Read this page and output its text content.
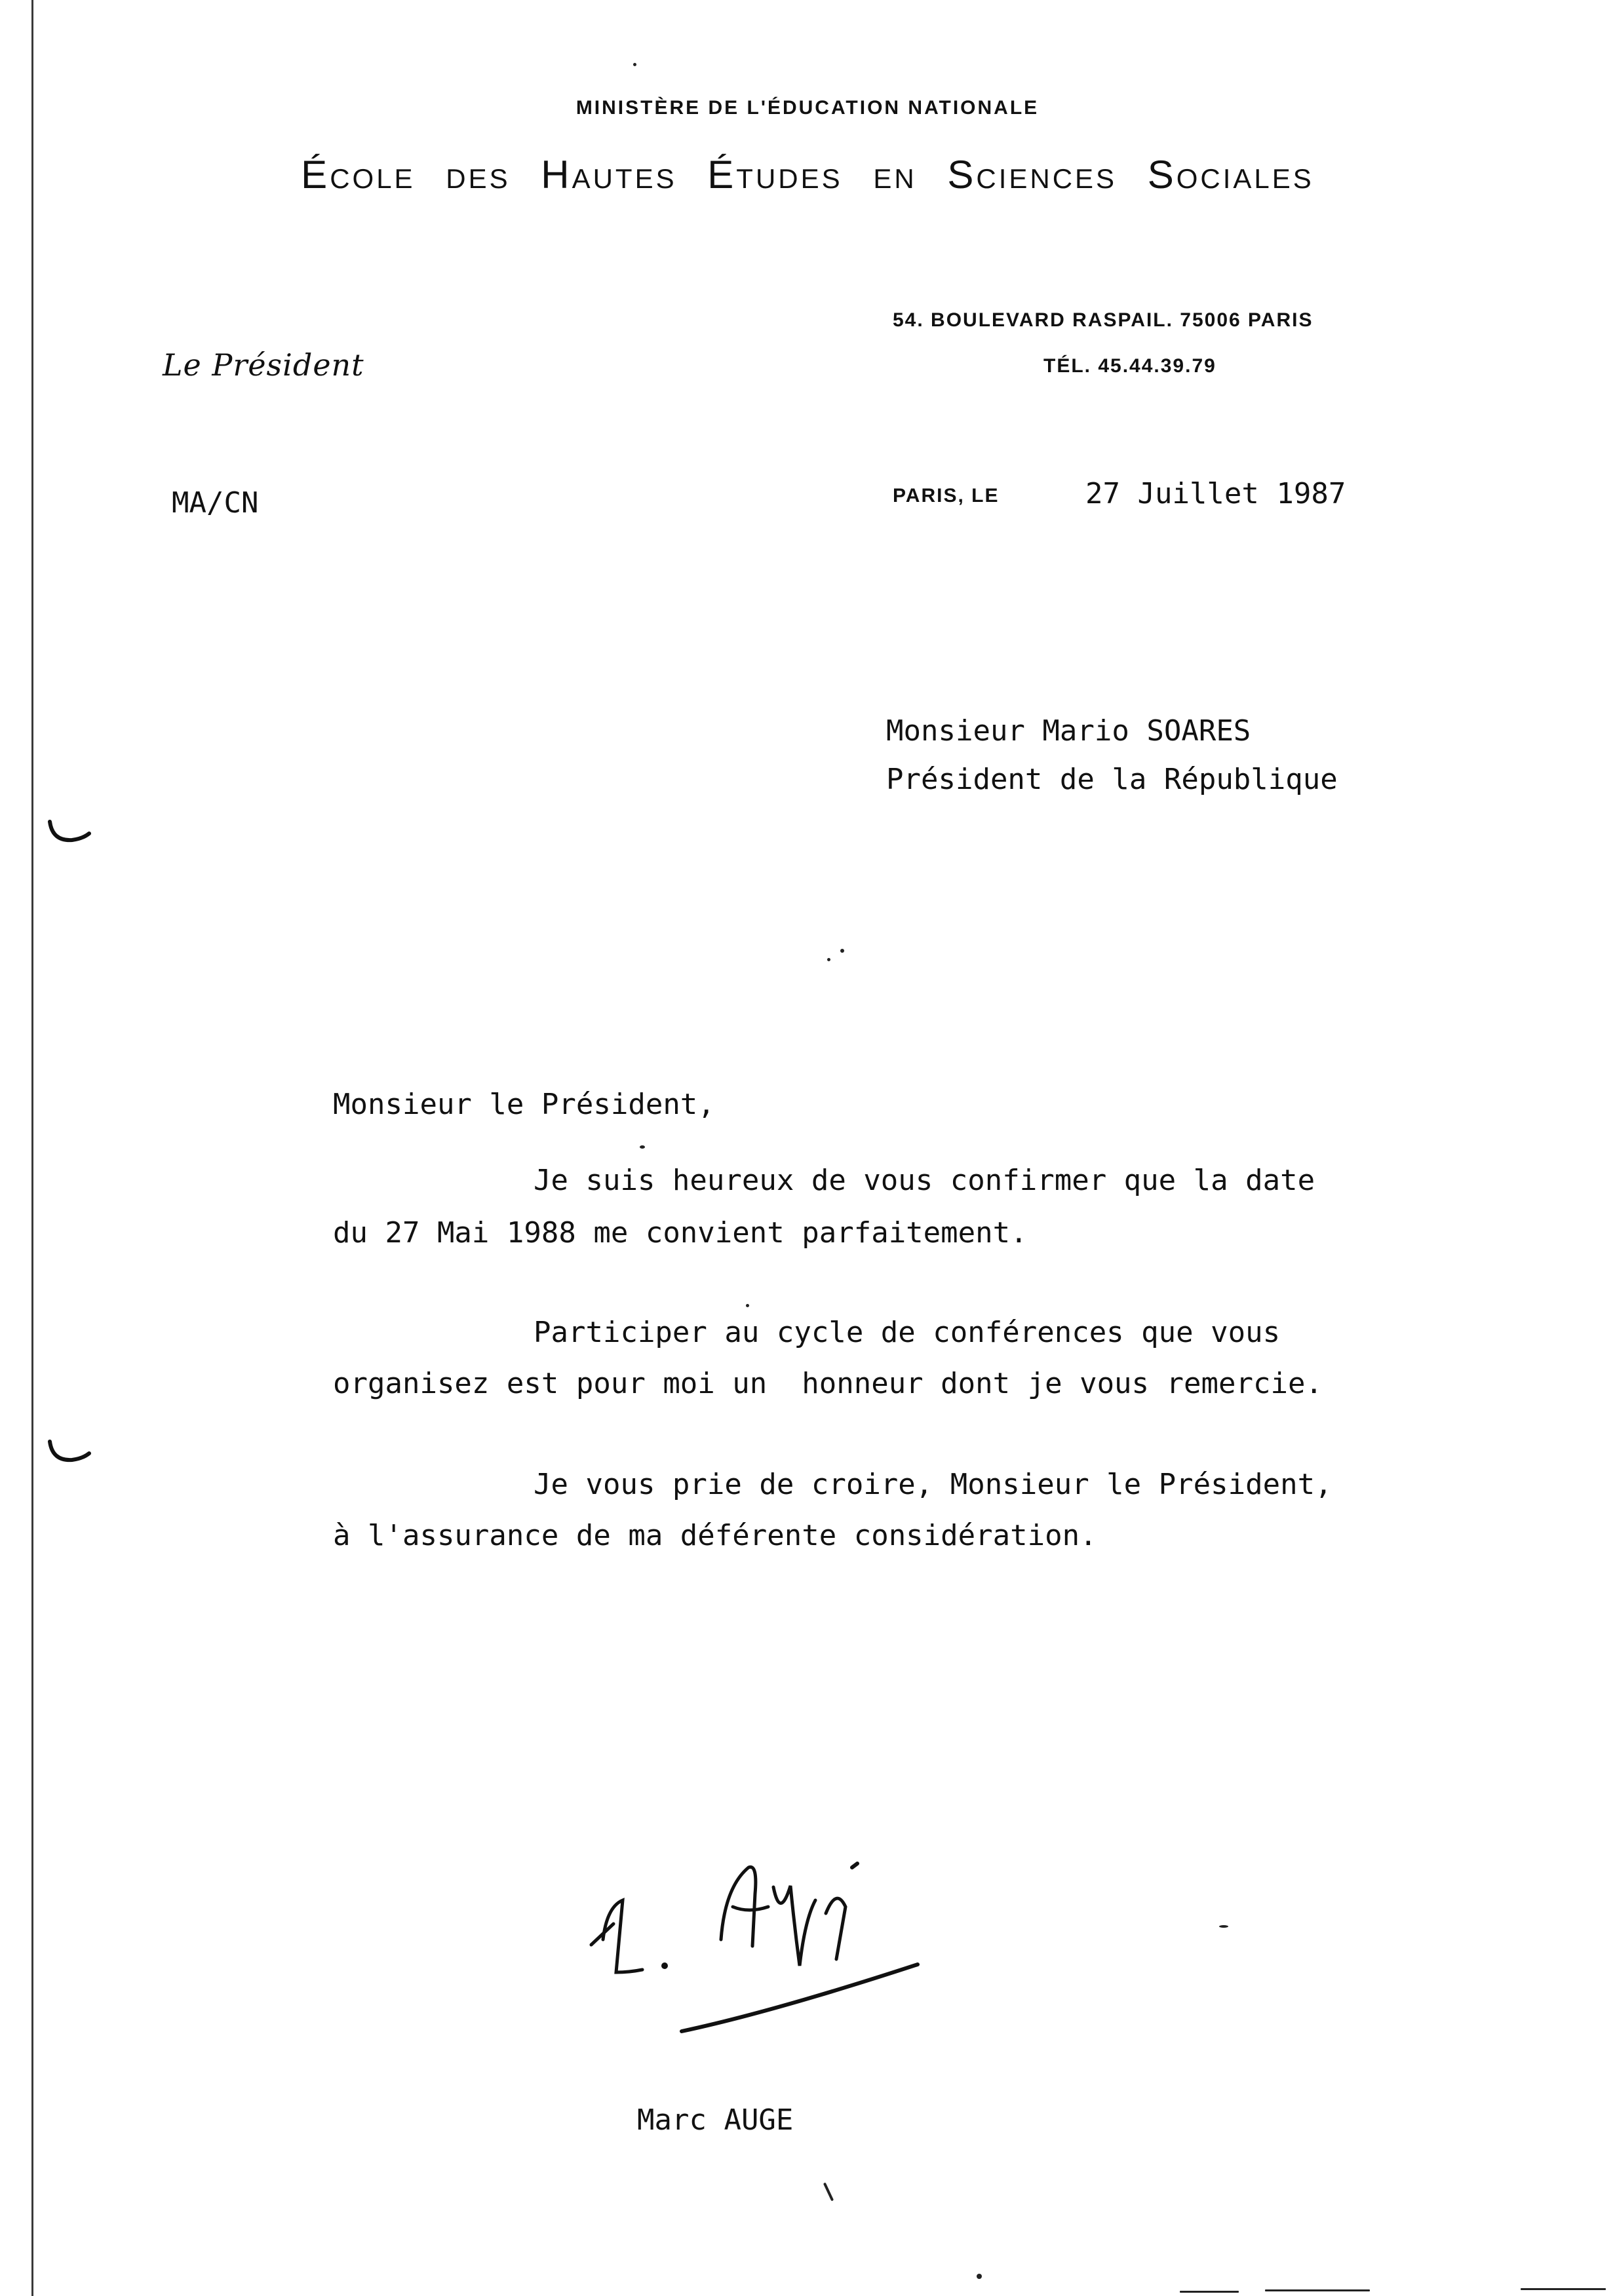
MINISTÈRE DE L'ÉDUCATION NATIONALE
École des Hautes Études en Sciences Sociales
54. BOULEVARD RASPAIL. 75006 PARIS
TÉL. 45.44.39.79
Le Président
MA/CN	PARIS, LE	27 Juillet 1987
Monsieur Mario SOARES
Président de la République
Monsieur le Président,
Je suis heureux de vous confirmer que la date
du 27 Mai 1988 me convient parfaitement.
Participer au cycle de conférences que vous
organisez est pour moi un  honneur dont je vous remercie.
Je vous prie de croire, Monsieur le Président,
à l'assurance de ma déférente considération.
Marc AUGE
